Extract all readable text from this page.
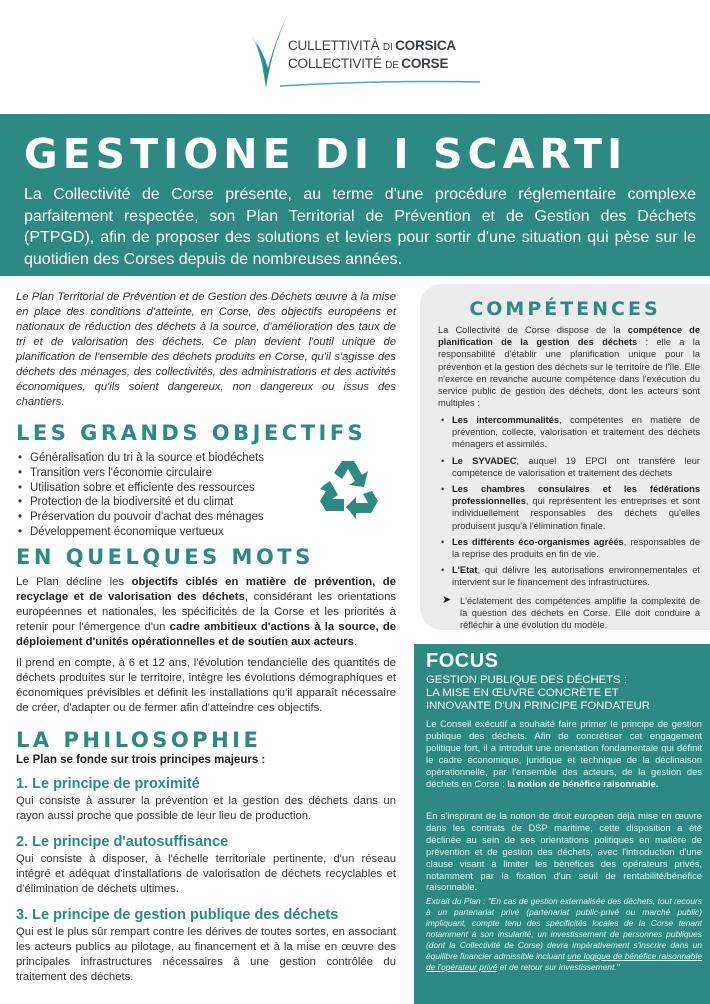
CULLETTIVITÀ DI CORSICA
COLLECTIVITÉ DE CORSE
GESTIONE DI I SCARTI

La Collectivité de Corse présente, au terme d'une procédure réglementaire complexe parfaitement respectée, son Plan Territorial de Prévention et de Gestion des Déchets (PTPGD), afin de proposer des solutions et leviers pour sortir d'une situation qui pèse sur le quotidien des Corses depuis de nombreuses années.

Le Plan Territorial de Prévention et de Gestion des Déchets œuvre à la mise en place des conditions d'atteinte, en Corse, des objectifs européens et nationaux de réduction des déchets à la source, d'amélioration des taux de tri et de valorisation des déchets. Ce plan devient l'outil unique de planification de l'ensemble des déchets produits en Corse, qu'il s'agisse des déchets des ménages, des collectivités, des administrations et des activités économiques, qu'ils soient dangereux, non dangereux ou issus des chantiers.

LES GRANDS OBJECTIFS
• Généralisation du tri à la source et biodéchets
• Transition vers l'économie circulaire
• Utilisation sobre et efficiente des ressources
• Protection de la biodiversité et du climat
• Préservation du pouvoir d'achat des ménages
• Développement économique vertueux
EN QUELQUES MOTS

Le Plan décline les objectifs ciblés en matière de prévention, de recyclage et de valorisation des déchets, considérant les orientations européennes et nationales, les spécificités de la Corse et les priorités à retenir pour l'émergence d'un cadre ambitieux d'actions à la source, de déploiement d'unités opérationnelles et de soutien aux acteurs.

Il prend en compte, à 6 et 12 ans, l'évolution tendancielle des quantités de déchets produites sur le territoire, intègre les évolutions démographiques et économiques prévisibles et définit les installations qu'il apparaît nécessaire de créer, d'adapter ou de fermer afin d'atteindre ces objectifs.

LA PHILOSOPHIE

Le Plan se fonde sur trois principes majeurs :

1. Le principe de proximité

Qui consiste à assurer la prévention et la gestion des déchets dans un rayon aussi proche que possible de leur lieu de production.

2. Le principe d'autosuffisance

Qui consiste à disposer, à l'échelle territoriale pertinente, d'un réseau intégré et adéquat d'installations de valorisation de déchets recyclables et d'élimination de déchets ultimes.

3. Le principe de gestion publique des déchets

Qui est le plus sûr rempart contre les dérives de toutes sortes, en associant les acteurs publics au pilotage, au financement et à la mise en œuvre des principales infrastructures nécessaires à une gestion contrôlée du traitement des déchets.

COMPÉTENCES

La Collectivité de Corse dispose de la compétence de planification de la gestion des déchets : elle a la responsabilité d'établir une planification unique pour la prévention et la gestion des déchets sur le territoire de l'île. Elle n'exerce en revanche aucune compétence dans l'exécution du service public de gestion des déchets, dont les acteurs sont multiples :

• Les intercommunalités, compétentes en matière de prévention, collecte, valorisation et traitement des déchets ménagers et assimilés.
• Le SYVADEC, auquel 19 EPCI ont transféré leur compétence de valorisation et traitement des déchets
• Les chambres consulaires et les fédérations professionnelles, qui représentent les entreprises et sont individuellement responsables des déchets qu'elles produisent jusqu'à l'élimination finale.
• Les différents éco-organismes agréés, responsables de la reprise des produits en fin de vie.
• L'Etat, qui délivre les autorisations environnementales et intervient sur le financement des infrastructures.

➤ L'éclatement des compétences amplifie la complexité de la question des déchets en Corse. Elle doit conduire à réfléchir à une évolution du modèle.

FOCUS
GESTION PUBLIQUE DES DÉCHETS :
LA MISE EN ŒUVRE CONCRÈTE ET
INNOVANTE D'UN PRINCIPE FONDATEUR

Le Conseil exécutif a souhaité faire primer le principe de gestion publique des déchets. Afin de concrétiser cet engagement politique fort, il a introduit une orientation fondamentale qui définit le cadre économique, juridique et technique de la déclinaison opérationnelle, par l'ensemble des acteurs, de la gestion des déchets en Corse : la notion de bénéfice raisonnable.

En s'inspirant de la notion de droit européen déjà mise en œuvre dans les contrats de DSP maritime, cette disposition a été déclinée au sein de ses orientations politiques en matière de prévention et de gestion des déchets, avec l'introduction d'une clause visant à limiter les bénéfices des opérateurs privés, notamment par la fixation d'un seuil de rentabilité/bénéfice raisonnable.

Extrait du Plan : "En cas de gestion externalisée des déchets, tout recours à un partenariat privé (partenariat public-privé ou marché public) impliquant, compte tenu des spécificités locales de la Corse tenant notamment à son insularité, un investissement de personnes publiques (dont la Collectivité de Corse) devra impérativement s'inscrire dans un équilibre financier admissible incluant une logique de bénéfice raisonnable de l'opérateur privé et de retour sur investissement."
